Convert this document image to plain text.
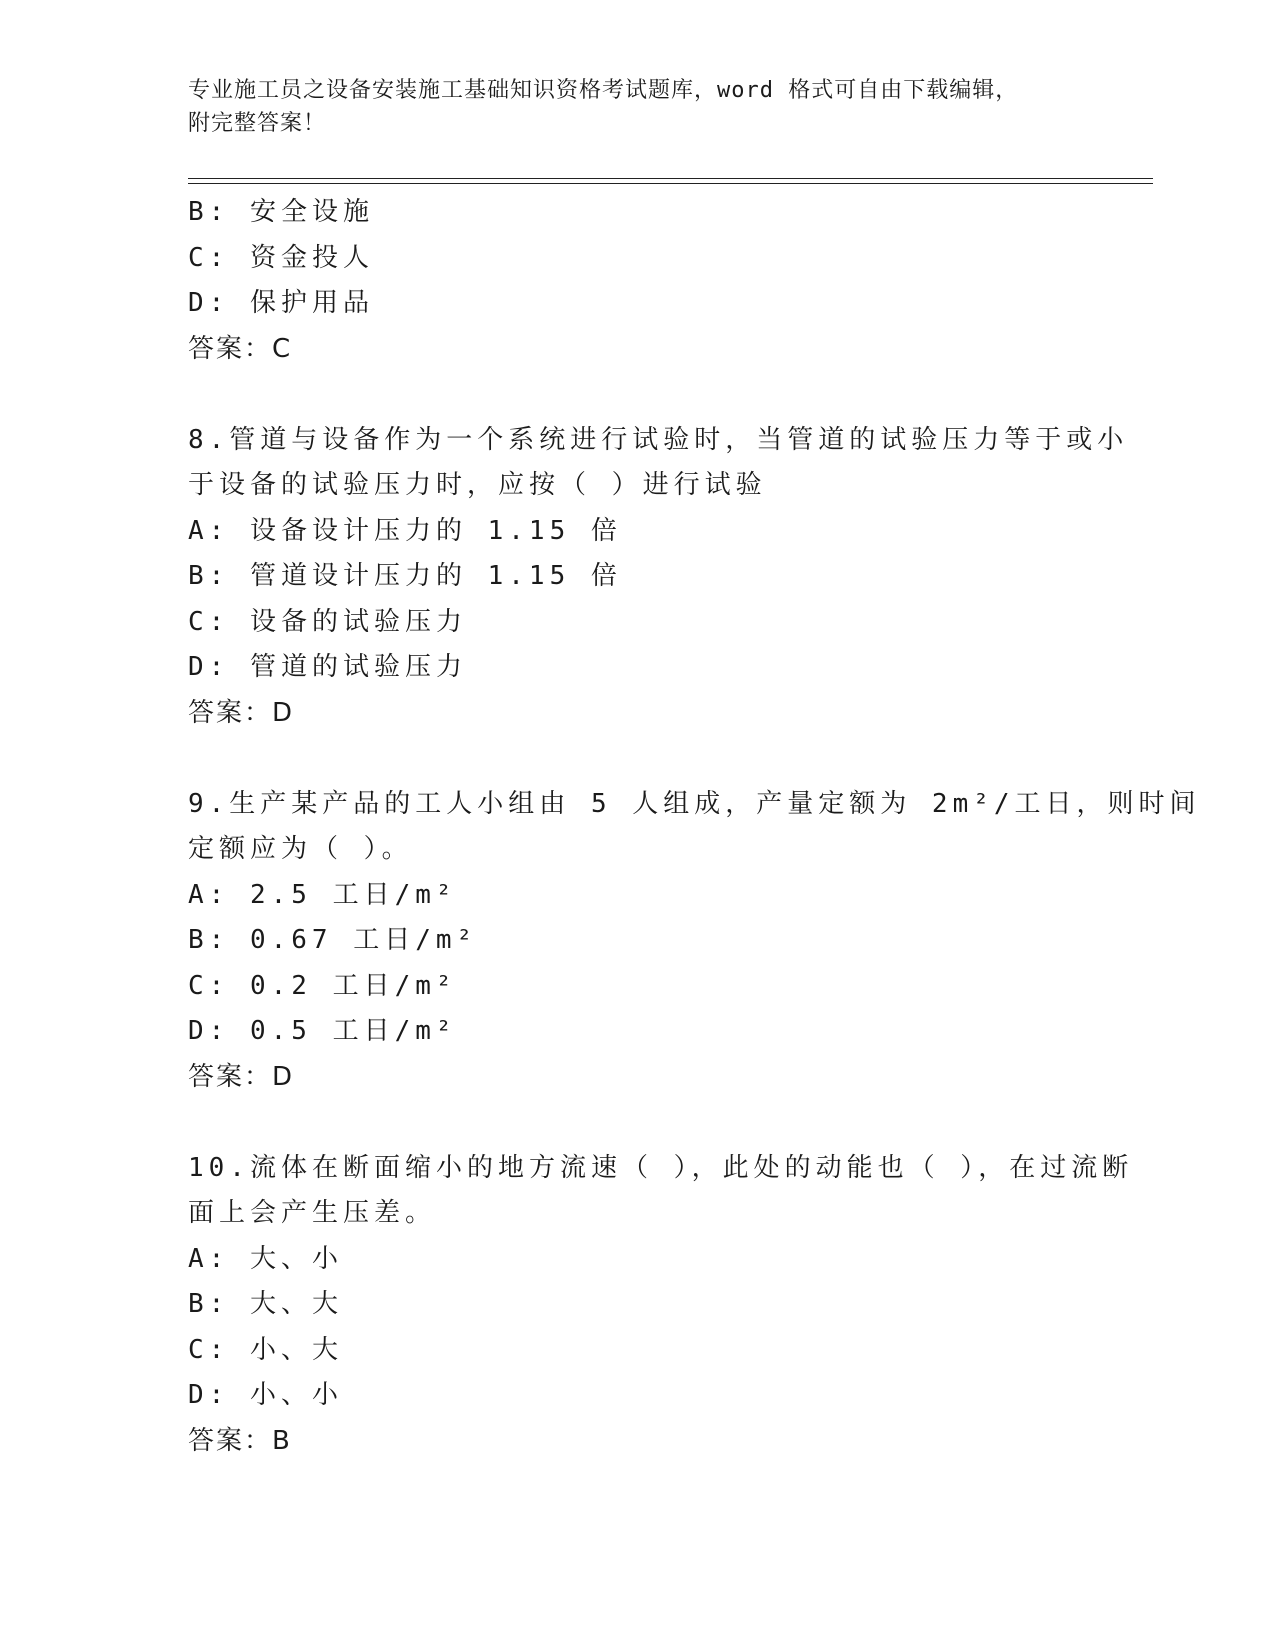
专业施工员之设备安装施工基础知识资格考试题库，word 格式可自由下载编辑，
附完整答案！
B: 安全设施
C: 资金投人
D: 保护用品
答案：C
8.管道与设备作为一个系统进行试验时，当管道的试验压力等于或小
于设备的试验压力时，应按（ ）进行试验
A: 设备设计压力的 1.15 倍
B: 管道设计压力的 1.15 倍
C: 设备的试验压力
D: 管道的试验压力
答案：D
9.生产某产品的工人小组由 5 人组成，产量定额为 2m²/工日，则时间
定额应为（ ）。
A: 2.5 工日/m²
B: 0.67 工日/m²
C: 0.2 工日/m²
D: 0.5 工日/m²
答案：D
10.流体在断面缩小的地方流速（ ），此处的动能也（ ），在过流断
面上会产生压差。
A: 大、小
B: 大、大
C: 小、大
D: 小、小
答案：B
